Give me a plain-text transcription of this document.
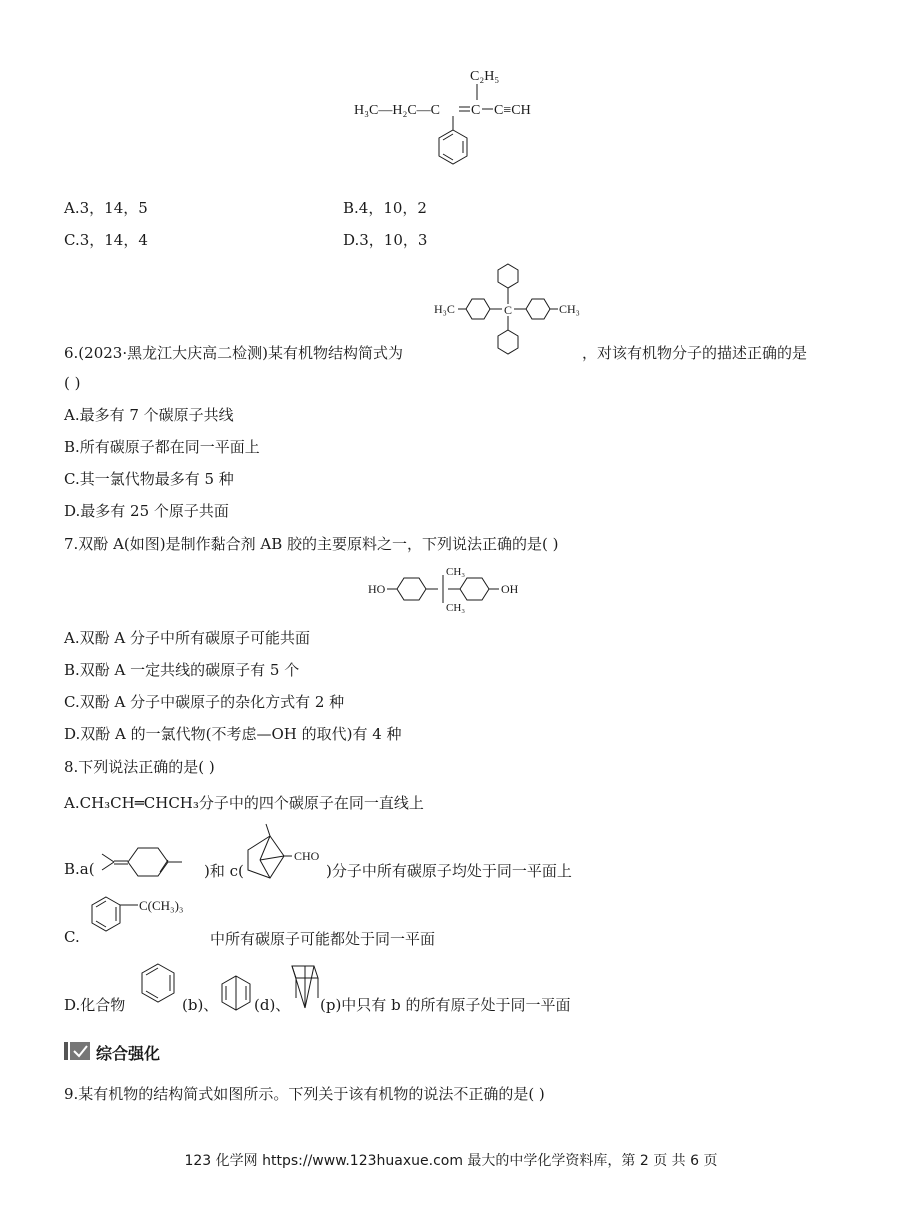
C₂H₅
H₃C—H₂C—C C C≡CH
A.3，14，5	B.4，10，2
C.3，14，4	D.3，10，3
C
H₃C	CH₃
6.(2023·黑龙江大庆高二检测)某有机物结构简式为	，对该有机物分子的描述正确的是
( )
A.最多有 7 个碳原子共线
B.所有碳原子都在同一平面上
C.其一氯代物最多有 5 种
D.最多有 25 个原子共面
7.双酚 A(如图)是制作黏合剂 AB 胶的主要原料之一，下列说法正确的是( )
HO
CH₃
CH₃
OH
A.双酚 A 分子中所有碳原子可能共面
B.双酚 A 一定共线的碳原子有 5 个
C.双酚 A 分子中碳原子的杂化方式有 2 种
D.双酚 A 的一氯代物(不考虑—OH 的取代)有 4 种
8.下列说法正确的是( )
A.CH₃CH═CHCH₃分子中的四个碳原子在同一直线上
B.a(	)和 c(
CHO
)分子中所有碳原子均处于同一平面上
C.
C(CH₃)₃
中所有碳原子可能都处于同一平面
D.化合物	(b)、 (d)、 (p)中只有 b 的所有原子处于同一平面
综合强化
9.某有机物的结构简式如图所示。下列关于该有机物的说法不正确的是( )
123 化学网 https://www.123huaxue.com 最大的中学化学资料库，第 2 页 共 6 页
